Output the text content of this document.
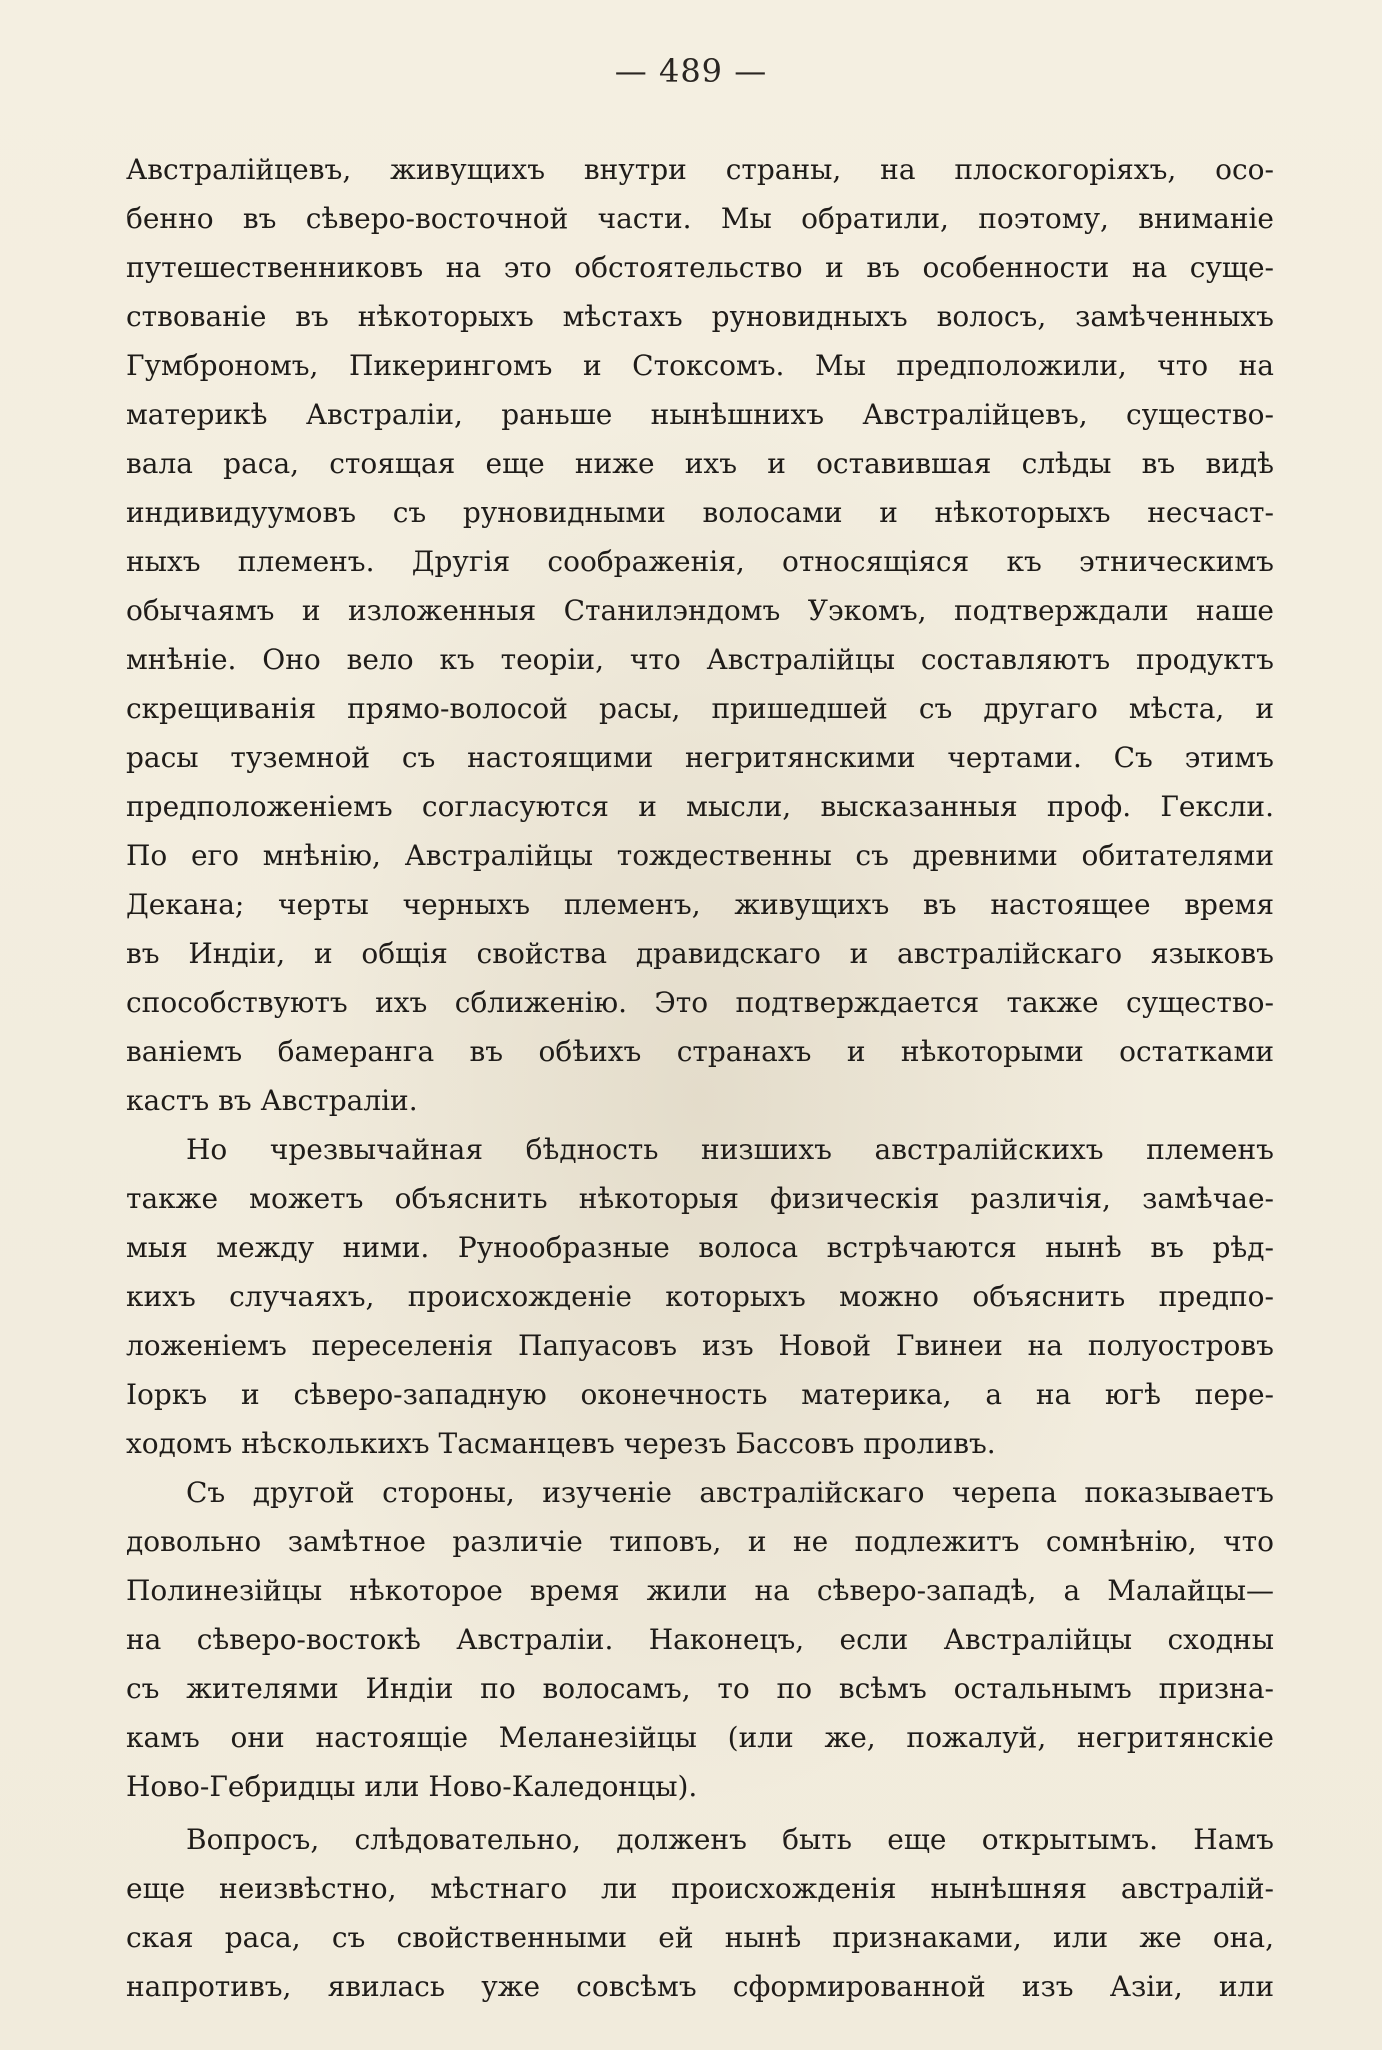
— 489 —
Австралійцевъ, живущихъ внутри страны, на плоскогоріяхъ, осо-
бенно въ сѣверо-восточной части. Мы обратили, поэтому, вниманіе
путешественниковъ на это обстоятельство и въ особенности на суще-
ствованіе въ нѣкоторыхъ мѣстахъ руновидныхъ волосъ, замѣченныхъ
Гумброномъ, Пикерингомъ и Стоксомъ. Мы предположили, что на
материкѣ Австраліи, раньше нынѣшнихъ Австралійцевъ, существо-
вала раса, стоящая еще ниже ихъ и оставившая слѣды въ видѣ
индивидуумовъ съ руновидными волосами и нѣкоторыхъ несчаст-
ныхъ племенъ. Другія соображенія, относящіяся къ этническимъ
обычаямъ и изложенныя Станилэндомъ Уэкомъ, подтверждали наше
мнѣніе. Оно вело къ теоріи, что Австралійцы составляютъ продуктъ
скрещиванія прямо-волосой расы, пришедшей съ другаго мѣста, и
расы туземной съ настоящими негритянскими чертами. Съ этимъ
предположеніемъ согласуются и мысли, высказанныя проф. Гексли.
По его мнѣнію, Австралійцы тождественны съ древними обитателями
Декана; черты черныхъ племенъ, живущихъ въ настоящее время
въ Индіи, и общія свойства дравидскаго и австралійскаго языковъ
способствуютъ ихъ сближенію. Это подтверждается также существо-
ваніемъ бамеранга въ обѣихъ странахъ и нѣкоторыми остатками
кастъ въ Австраліи.
Но чрезвычайная бѣдность низшихъ австралійскихъ племенъ
также можетъ объяснить нѣкоторыя физическія различія, замѣчае-
мыя между ними. Рунообразные волоса встрѣчаются нынѣ въ рѣд-
кихъ случаяхъ, происхожденіе которыхъ можно объяснить предпо-
ложеніемъ переселенія Папуасовъ изъ Новой Гвинеи на полуостровъ
Іоркъ и сѣверо-западную оконечность материка, а на югѣ пере-
ходомъ нѣсколькихъ Тасманцевъ черезъ Бассовъ проливъ.
Съ другой стороны, изученіе австралійскаго черепа показываетъ
довольно замѣтное различіе типовъ, и не подлежитъ сомнѣнію, что
Полинезійцы нѣкоторое время жили на сѣверо-западѣ, а Малайцы—
на сѣверо-востокѣ Австраліи. Наконецъ, если Австралійцы сходны
съ жителями Индіи по волосамъ, то по всѣмъ остальнымъ призна-
камъ они настоящіе Меланезійцы (или же, пожалуй, негритянскіе
Ново-Гебридцы или Ново-Каледонцы).
Вопросъ, слѣдовательно, долженъ быть еще открытымъ. Намъ
еще неизвѣстно, мѣстнаго ли происхожденія нынѣшняя австралій-
ская раса, съ свойственными ей нынѣ признаками, или же она,
напротивъ, явилась уже совсѣмъ сформированной изъ Азіи, или
